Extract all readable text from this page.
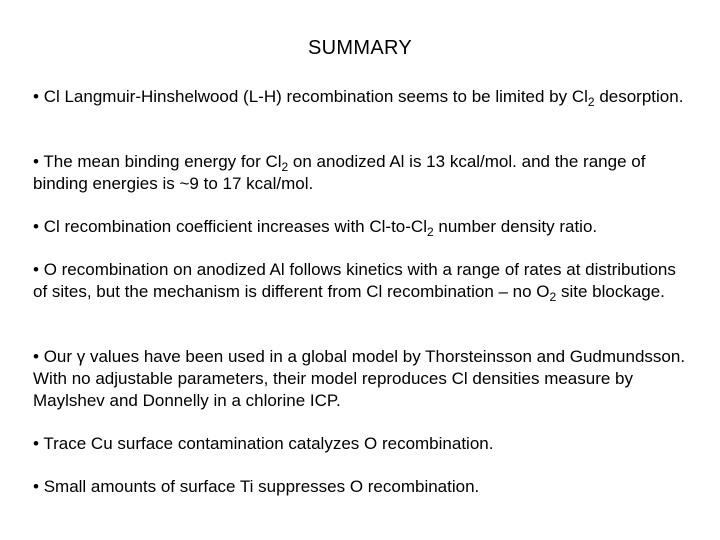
SUMMARY

• Cl Langmuir-Hinshelwood (L-H) recombination seems to be limited by $Cl_2$ desorption.

• The mean binding energy for $Cl_2$ on anodized Al is 13 kcal/mol. and the range of binding energies is ~9 to 17 kcal/mol.

• Cl recombination coefficient increases with $Cl-to-Cl_2$ number density ratio.

• O recombination on anodized Al follows kinetics with a range of rates at distributions of sites, but the mechanism is different from Cl recombination – no $O_2$ site blockage.

• Our γ values have been used in a global model by Thorsteinsson and Gudmundsson. With no adjustable parameters, their model reproduces Cl densities measure by Maylshev and Donnelly in a chlorine ICP.

• Trace Cu surface contamination catalyzes O recombination.

• Small amounts of surface Ti suppresses O recombination.
